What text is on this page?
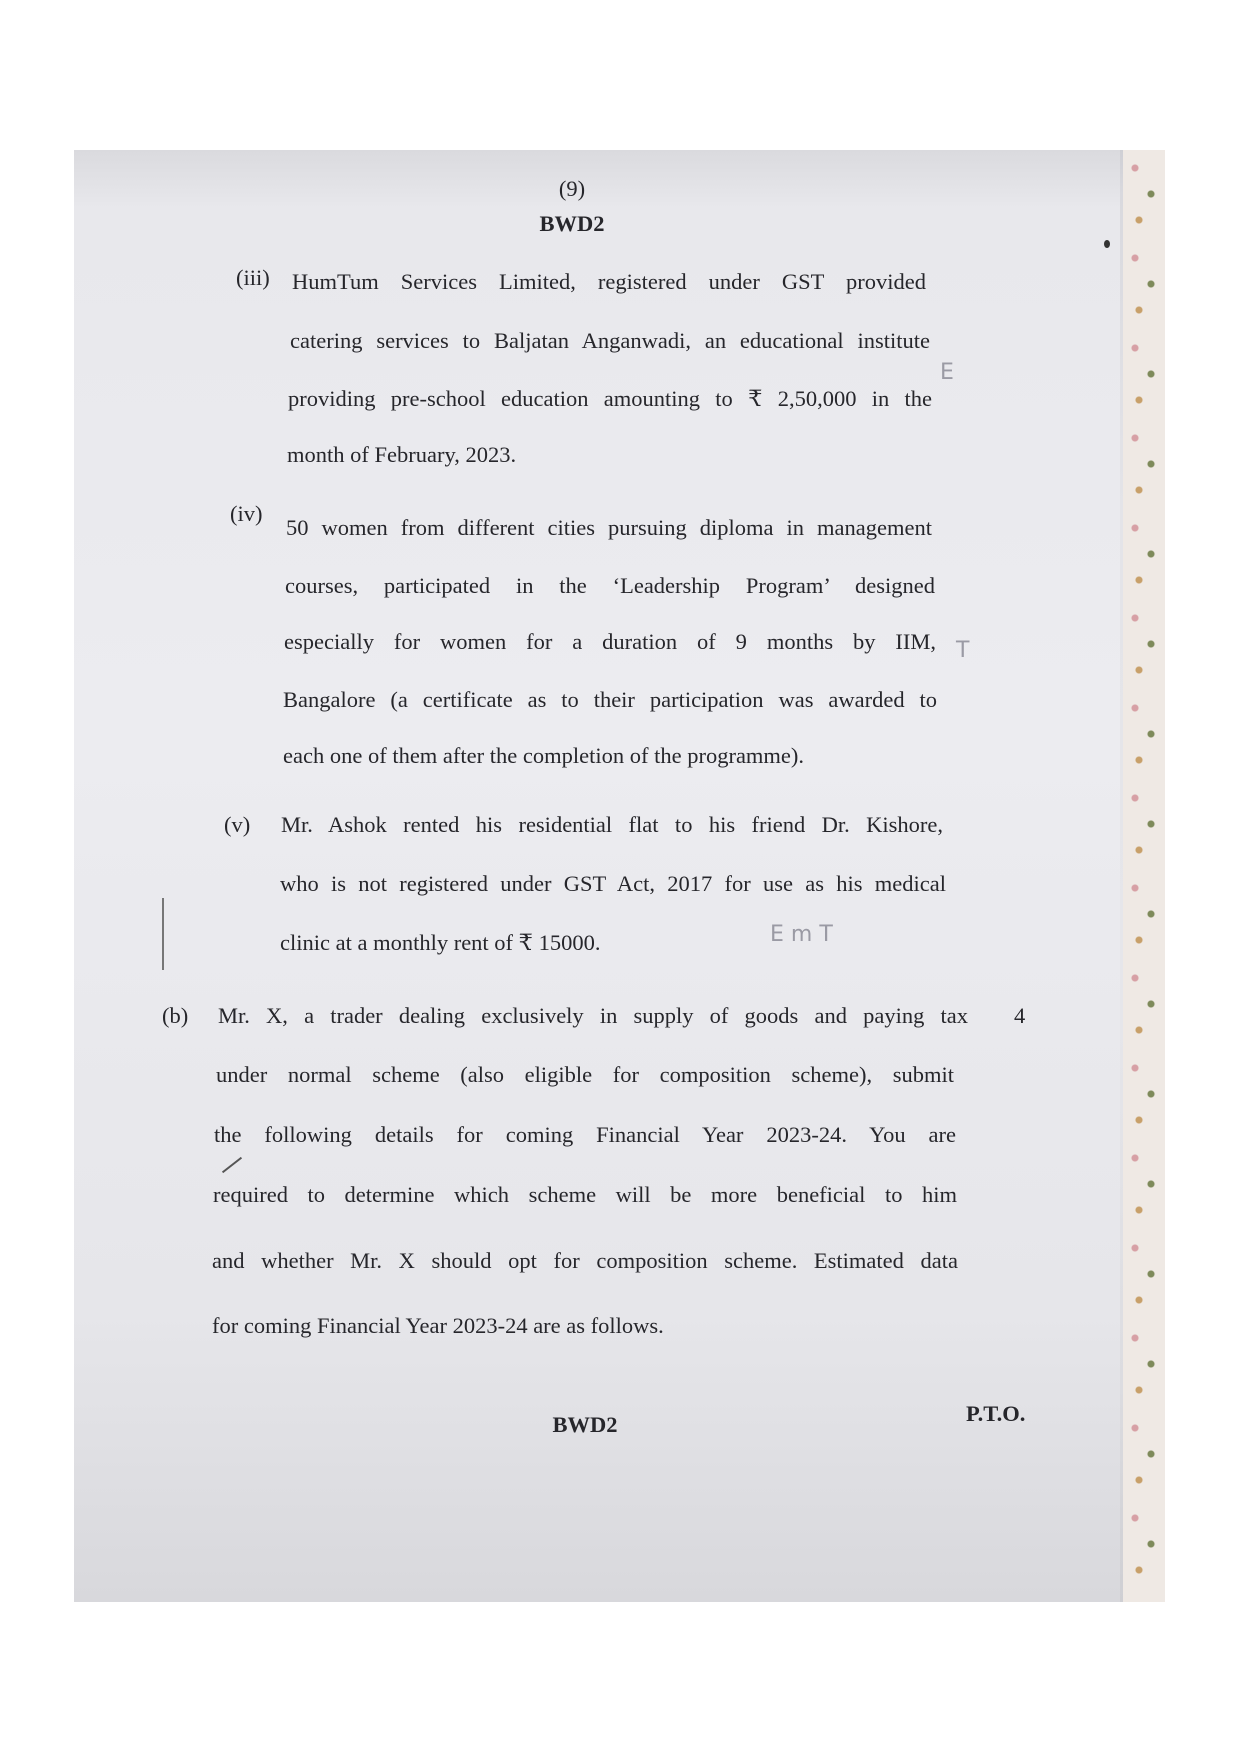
(9)
BWD2
(iii) HumTum Services Limited, registered under GST provided
catering services to Baljatan Anganwadi, an educational institute
providing pre-school education amounting to ₹ 2,50,000 in the
month of February, 2023.
E
(iv)
50 women from different cities pursuing diploma in management
courses, participated in the ‘Leadership Program’ designed
especially for women for a duration of 9 months by IIM,
Bangalore (a certificate as to their participation was awarded to
each one of them after the completion of the programme).
T
(v) Mr. Ashok rented his residential flat to his friend Dr. Kishore,
who is not registered under GST Act, 2017 for use as his medical
clinic at a monthly rent of ₹ 15000.	E m T
(b)	4
Mr. X, a trader dealing exclusively in supply of goods and paying tax
under normal scheme (also eligible for composition scheme), submit
the following details for coming Financial Year 2023-24. You are
required to determine which scheme will be more beneficial to him
and whether Mr. X should opt for composition scheme. Estimated data
for coming Financial Year 2023-24 are as follows.
BWD2	P.T.O.
